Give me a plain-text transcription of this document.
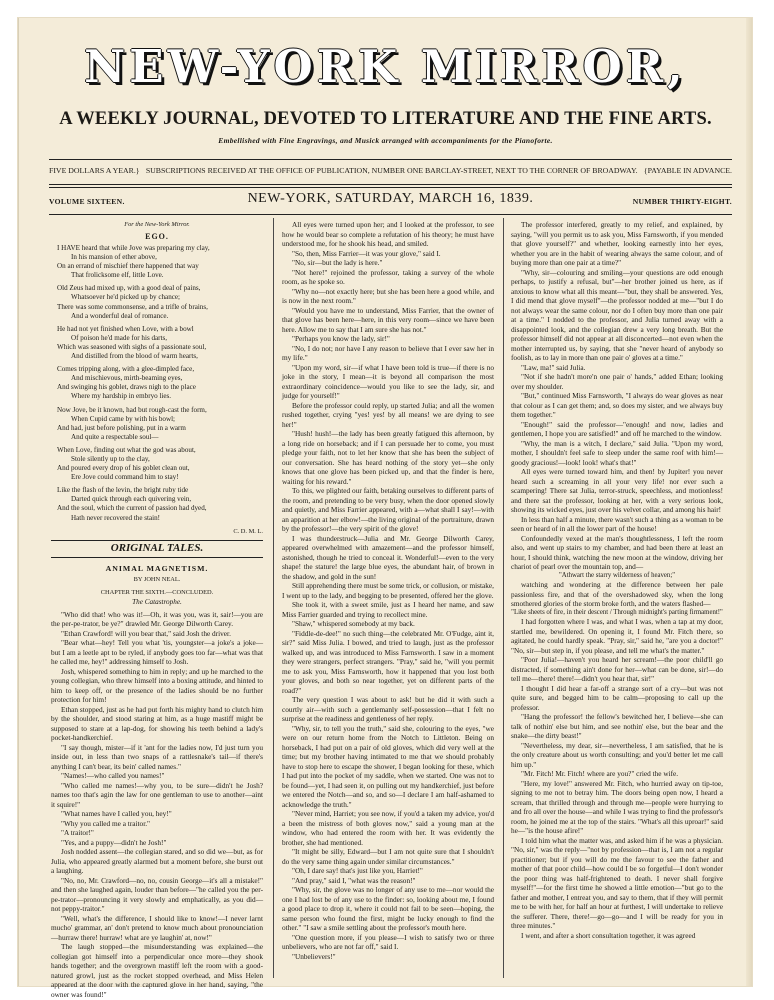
NEW-YORK MIRROR,
A WEEKLY JOURNAL, DEVOTED TO LITERATURE AND THE FINE ARTS.
Embellished with Fine Engravings, and Musick arranged with accompaniments for the Pianoforte.
FIVE DOLLARS A YEAR.} SUBSCRIPTIONS RECEIVED AT THE OFFICE OF PUBLICATION, NUMBER ONE BARCLAY-STREET, NEXT TO THE CORNER OF BROADWAY. {PAYABLE IN ADVANCE.
VOLUME SIXTEEN.	NEW-YORK, SATURDAY, MARCH 16, 1839.	NUMBER THIRTY-EIGHT.
For the New-York Mirror.
EGO.
I HAVE heard that while Jove was preparing my clay,
In his mansion of ether above,
On an errand of mischief there happened that way
That frolicksome elf, little Love.
Old Zeus had mixed up, with a good deal of pains,
Whatsoever he'd picked up by chance;
There was some commonsense, and a trifle of brains,
And a wonderful deal of romance.
He had not yet finished when Love, with a bowl
Of poison he'd made for his darts,
Which was seasoned with sighs of a passionate soul,
And distilled from the blood of warm hearts,
Comes tripping along, with a glee-dimpled face,
And mischievous, mirth-beaming eyes,
And swinging his goblet, draws nigh to the place
Where my hardship in embryo lies.
Now Jove, be it known, had but rough-cast the form,
When Cupid came by with his bowl;
And had, just before polishing, put in a warm
And quite a respectable soul—
When Love, finding out what the god was about,
Stole silently up to the clay,
And poured every drop of his goblet clean out,
Ere Jove could command him to stay!
Like the flash of the levin, the bright ruby tide
Darted quick through each quivering vein,
And the soul, which the current of passion had dyed,
Hath never recovered the stain!
C. D. M. L.
ORIGINAL TALES.
ANIMAL MAGNETISM.
BY JOHN NEAL.
CHAPTER THE SIXTH.—CONCLUDED.
The Catastrophe.

"Who did that! who was it!—Oh, it was you, was it, sair!—you are the per-pe-trator, be ye?" drawled Mr. George Dilworth Carey.

"Ethan Crawford! will you bear that," said Josh the driver.

"Bear what—hey! Tell you what 'tis, youngster—a joke's a joke—but I am a leetle apt to be ryled, if anybody goes too far—what was that he called me, hey!" addressing himself to Josh.

Josh, whispered something to him in reply; and up he marched to the young collegian, who threw himself into a boxing attitude, and hinted to him to keep off, or the presence of the ladies should be no further protection for him!

Ethan stopped, just as he had put forth his mighty hand to clutch him by the shoulder, and stood staring at him, as a huge mastiff might be supposed to stare at a lap-dog, for showing his teeth behind a lady's pocket-handkerchief.

"I say though, mister—if it 'ant for the ladies now, I'd just turn you inside out, in less than two snaps of a rattlesnake's tail—if there's anything I can't bear, its bein' called names."

"Names!—who called you names!"

"Who called me names!—why you, to be sure—didn't he Josh? names too that's agin the law for one gentleman to use to another—aint it squire!"

"What names have I called you, hey!"

"Why you called me a traitor."

"A traitor!"

"Yes, and a puppy—didn't he Josh!"

Josh nodded assent—the collegian stared, and so did we—but, as for Julia, who appeared greatly alarmed but a moment before, she burst out a laughing.

"No, no, Mr. Crawford—no, no, cousin George—it's all a mistake!" and then she laughed again, louder than before—"he called you the per-pe-trator—pronouncing it very slowly and emphatically, as you did—not peppy-traitor."

"Well, what's the difference, I should like to know!—I never larnt mucho' grammar, an' don't pretend to know much about pronounciation—hurraw there! hurraw! what are ye laughin' at, now!"

The laugh stopped—the misunderstanding was explained—the collegian got himself into a perpendicular once more—they shook hands together; and the overgrown mastiff left the room with a good-natured growl, just as the rocket stopped overhead, and Miss Helen appeared at the door with the captured glove in her hand, saying, "the owner was found!"

All eyes were turned upon her; and I looked at the professor, to see how he would bear so complete a refutation of his theory; he must have understood me, for he shook his head, and smiled.

"So, then, Miss Farrier—it was your glove," said I.

"No, sir—but the lady is here."

"Not here!" rejoined the professor, taking a survey of the whole room, as he spoke so.

"Why no—not exactly here; but she has been here a good while, and is now in the next room."

"Would you have me to understand, Miss Farrier, that the owner of that glove has been here—here, in this very room—since we have been here. Allow me to say that I am sure she has not."

"Perhaps you know the lady, sir!"

"No, I do not; nor have I any reason to believe that I ever saw her in my life."

"Upon my word, sir—if what I have been told is true—if there is no joke in the story, I mean—it is beyond all comparison the most extraordinary coincidence—would you like to see the lady, sir, and judge for yourself!"

Before the professor could reply, up started Julia; and all the women rushed together, crying "yes! yes! by all means! we are dying to see her!"

"Hush! hush!—the lady has been greatly fatigued this afternoon, by a long ride on horseback; and if I can persuade her to come, you must pledge your faith, not to let her know that she has been the subject of our conversation. She has heard nothing of the story yet—she only knows that one glove has been picked up, and that the finder is here, waiting for his reward."

To this, we plighted our faith, betaking ourselves to different parts of the room, and pretending to be very busy, when the door opened slowly and quietly, and Miss Farrier appeared, with a—what shall I say!—with an apparition at her elbow!—the living original of the portraiture, drawn by the professor!—the very spirit of the glove!

I was thunderstruck—Julia and Mr. George Dilworth Carey, appeared overwhelmed with amazement—and the professor himself, astonished, though he tried to conceal it. Wonderful!—even to the very shape! the stature! the large blue eyes, the abundant hair, of brown in the shadow, and gold in the sun!

Still apprehending there must be some trick, or collusion, or mistake, I went up to the lady, and begging to be presented, offered her the glove.

She took it, with a sweet smile, just as I heard her name, and saw Miss Farrier guarded and trying to recollect mine.

"Shaw," whispered somebody at my back.

"Fiddle-de-dee!" no such thing—the celebrated Mr. O'Fudge, aint it, sir?" said Miss Julia. I bowed, and tried to laugh, just as the professor walked up, and was introduced to Miss Farnsworth. I saw in a moment they were strangers, perfect strangers. "Pray," said he, "will you permit me to ask you, Miss Farnsworth, how it happened that you lost both your gloves, and both so near together, yet on different parts of the road?"

The very question I was about to ask! but he did it with such a courtly air—with such a gentlemanly self-possession—that I felt no surprise at the readiness and gentleness of her reply.

"Why, sir, to tell you the truth," said she, colouring to the eyes, "we were on our return home from the Notch to Littleton. Being on horseback, I had put on a pair of old gloves, which did very well at the time; but my brother having intimated to me that we should probably have to stop here to escape the shower, I began looking for these, which I had put into the pocket of my saddle, when we started. One was not to be found—yet, I had seen it, on pulling out my handkerchief, just before we entered the Notch—and so, and so—I declare I am half-ashamed to acknowledge the truth."

"Never mind, Harriet; you see now, if you'd a taken my advice, you'd a been the mistress of both gloves now," said a young man at the window, who had entered the room with her. It was evidently the brother, she had mentioned.

"It might be silly, Edward—but I am not quite sure that I shouldn't do the very same thing again under similar circumstances."

"Oh, I dare say! that's just like you, Harriet!"

"And pray," said I, "what was the reason!"

"Why, sir, the glove was no longer of any use to me—nor would the one I had lost be of any use to the finder: so, looking about me, I found a good place to drop it, where it could not fail to be seen—hoping, the same person who found the first, might be lucky enough to find the other." "I saw a smile settling about the professor's mouth here.

"One question more, if you please—I wish to satisfy two or three unbelievers, who are not far off," said I.

"Unbelievers!"

The professor interfered, greatly to my relief, and explained, by saying, "will you permit us to ask you, Miss Farnsworth, if you mended that glove yourself?" and whether, looking earnestly into her eyes, whether you are in the habit of wearing always the same colour, and of buying more than one pair at a time?"

"Why, sir—colouring and smiling—your questions are odd enough perhaps, to justify a refusal, but"—her brother joined us here, as if anxious to know what all this meant—"but, they shall be answered. Yes, I did mend that glove myself"—the professor nodded at me—"but I do not always wear the same colour, nor do I often buy more than one pair at a time." I nodded to the professor, and Julia turned away with a disappointed look, and the collegian drew a very long breath. But the professor himself did not appear at all disconcerted—not even when the mother interrupted us, by saying, that she "never heard of anybody so foolish, as to lay in more than one pair o' gloves at a time."

"Law, ma!" said Julia.

"Not if she hadn't more'n one pair o' hands," added Ethan; looking over my shoulder.

"But," continued Miss Farnsworth, "I always do wear gloves as near that colour as I can get them; and, so does my sister, and we always buy them together."

"Enough!" said the professor—"enough! and now, ladies and gentlemen, I hope you are satisfied!" and off he marched to the window.

"Why, the man is a witch, I declare," said Julia. "Upon my word, mother, I shouldn't feel safe to sleep under the same roof with him!—goody gracious!—look! look! what's that!"

All eyes were turned toward him, and then! by Jupiter! you never heard such a screaming in all your very life! nor ever such a scampering! There sat Julia, terror-struck, speechless, and motionless! and there sat the professor, looking at her, with a very serious look, showing its wicked eyes, just over his velvet collar, and among his hair!

In less than half a minute, there wasn't such a thing as a woman to be seen or heard of in all the lower part of the house!

Confoundedly vexed at the man's thoughtlessness, I left the room also, and went up stairs to my chamber, and had been there at least an hour, I should think, watching the new moon at the window, driving her chariot of pearl over the mountain top, and—

"Athwart the starry wilderness of heaven;"

watching and wondering at the difference between her pale passionless fire, and that of the overshadowed sky, when the long smothered glories of the storm broke forth, and the waters flashed—

"Like sheets of fire, in their descent / Through midnight's parting firmament!"

I had forgotten where I was, and what I was, when a tap at my door, startled me, bewildered. On opening it, I found Mr. Fitch there, so agitated, he could hardly speak. "Pray, sir," said he, "are you a doctor!" "No, sir—but step in, if you please, and tell me what's the matter."

"Poor Julia!—haven't you heard her scream!—the poor child'll go distracted, if something ain't done for her—what can be done, sir!—do tell me—there! there!—didn't you hear that, sir!"

I thought I did hear a far-off a strange sort of a cry—but was not quite sure, and begged him to be calm—proposing to call up the professor.

"Hang the professor! the fellow's bewitched her, I believe—she can talk of nothin' else but him, and see nothin' else, but the bear and the snake—the dirty beast!"

"Nevertheless, my dear, sir—nevertheless, I am satisfied, that he is the only creature about us worth consulting; and you'd better let me call him up."

"Mr. Fitch! Mr. Fitch! where are you?" cried the wife.

"Here, my love!" answered Mr. Fitch, who hurried away on tip-toe, signing to me not to betray him. The doors being open now, I heard a scream, that thrilled through and through me—people were hurrying to and fro all over the house—and while I was trying to find the professor's room, he joined me at the top of the stairs. "What's all this uproar!" said he—"is the house afire!"

I told him what the matter was, and asked him if he was a physician. "No, sir," was the reply—"not by profession—that is, I am not a regular practitioner; but if you will do me the favour to see the father and mother of that poor child—how could I be so forgetful—I don't wonder the poor thing was half-frightened to death. I never shall forgive myself!"—for the first time he showed a little emotion—"but go to the father and mother, I entreat you, and say to them, that if they will permit me to be with her, for half an hour at furthest, I will undertake to relieve the sufferer. There, there!—go—go—and I will be ready for you in three minutes."

I went, and after a short consultation together, it was agreed
